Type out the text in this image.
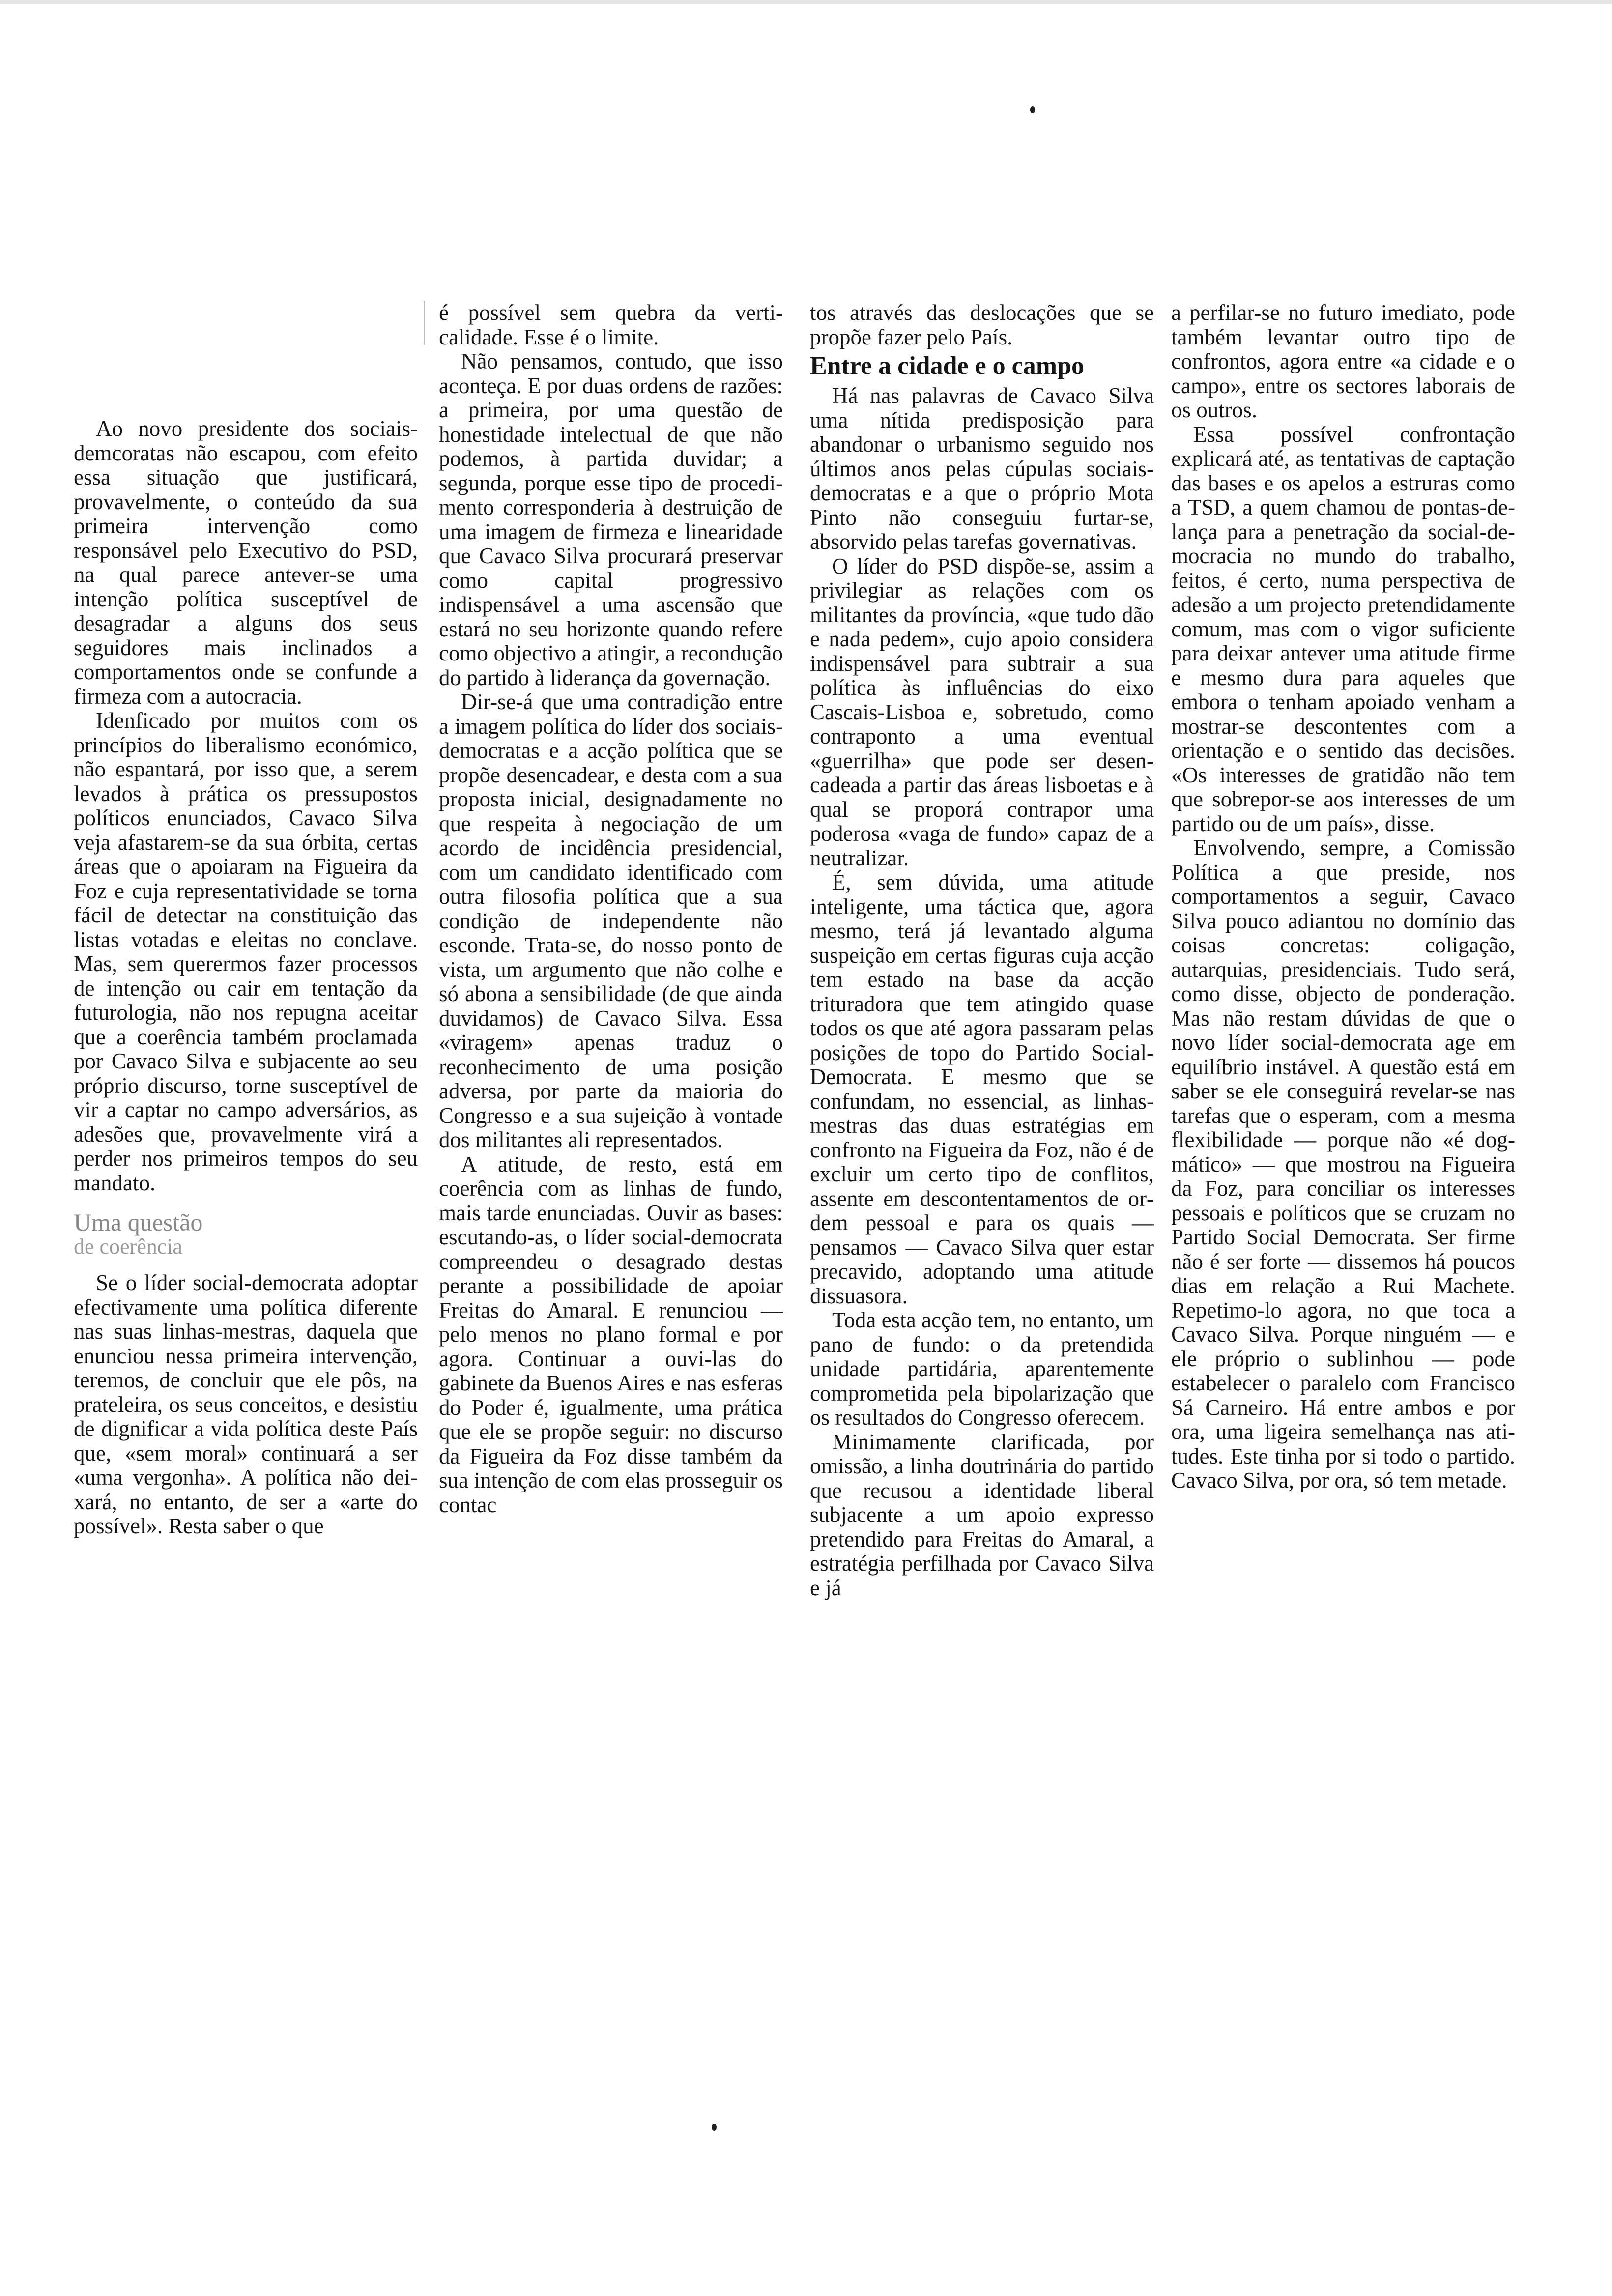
Ao novo presidente dos sociais-demcoratas não escapou, com efeito essa situação que justificará, provavelmente, o conteúdo da sua primeira intervenção como responsável pelo Executivo do PSD, na qual parece antever-se uma intenção política susceptível de desagradar a alguns dos seus seguidores mais inclinados a comportamentos onde se confunde a firmeza com a autocracia.

Idenficado por muitos com os princípios do liberalismo económico, não espantará, por isso que, a serem levados à prática os pressupostos políticos enunciados, Cavaco Silva veja afastarem-se da sua órbita, certas áreas que o apoiaram na Figueira da Foz e cuja representatividade se torna fácil de detectar na constituição das listas votadas e eleitas no conclave. Mas, sem querermos fazer processos de intenção ou cair em tentação da futurologia, não nos repugna aceitar que a coerência também proclamada por Cavaco Silva e subjacente ao seu próprio discurso, torne susceptível de vir a captar no campo adversários, as adesões que, provavelmente virá a perder nos primeiros tempos do seu mandato.

Uma questão
de coerência

Se o líder social-democrata adoptar efectivamente uma política diferente nas suas linhas-mestras, daquela que enunciou nessa primeira intervenção, teremos, de concluir que ele pôs, na prateleira, os seus conceitos, e desistiu de dignificar a vida política deste País que, «sem moral» continuará a ser «uma vergonha». A política não deixará, no entanto, de ser a «arte do possível». Resta saber o que

é possível sem quebra da verticalidade. Esse é o limite.

Não pensamos, contudo, que isso aconteça. E por duas ordens de razões: a primeira, por uma questão de honestidade intelectual de que não podemos, à partida duvidar; a segunda, porque esse tipo de procedimento corresponderia à destruição de uma imagem de firmeza e linearidade que Cavaco Silva procurará preservar como capital progressivo indispensável a uma ascensão que estará no seu horizonte quando refere como objectivo a atingir, a recondução do partido à liderança da governação.

Dir-se-á que uma contradição entre a imagem política do líder dos sociais-democratas e a acção política que se propõe desencadear, e desta com a sua proposta inicial, designadamente no que respeita à negociação de um acordo de incidência presidencial, com um candidato identificado com outra filosofia política que a sua condição de independente não esconde. Trata-se, do nosso ponto de vista, um argumento que não colhe e só abona a sensibilidade (de que ainda duvidamos) de Cavaco Silva. Essa «viragem» apenas traduz o reconhecimento de uma posição adversa, por parte da maioria do Congresso e a sua sujeição à vontade dos militantes ali representados.

A atitude, de resto, está em coerência com as linhas de fundo, mais tarde enunciadas. Ouvir as bases: escutando-as, o líder social-democrata compreendeu o desagrado destas perante a possibilidade de apoiar Freitas do Amaral. E renunciou — pelo menos no plano formal e por agora. Continuar a ouvi-las do gabinete da Buenos Aires e nas esferas do Poder é, igualmente, uma prática que ele se propõe seguir: no discurso da Figueira da Foz disse também da sua intenção de com elas prosseguir os contac

tos através das deslocações que se propõe fazer pelo País.

Entre a cidade e o campo

Há nas palavras de Cavaco Silva uma nítida predisposição para abandonar o urbanismo seguido nos últimos anos pelas cúpulas sociais-democratas e a que o próprio Mota Pinto não conseguiu furtar-se, absorvido pelas tarefas governativas.

O líder do PSD dispõe-se, assim a privilegiar as relações com os militantes da província, «que tudo dão e nada pedem», cujo apoio considera indispensável para subtrair a sua política às influências do eixo Cascais-Lisboa e, sobretudo, como contraponto a uma eventual «guerrilha» que pode ser desencadeada a partir das áreas lisboetas e à qual se proporá contrapor uma poderosa «vaga de fundo» capaz de a neutralizar.

É, sem dúvida, uma atitude inteligente, uma táctica que, agora mesmo, terá já levantado alguma suspeição em certas figuras cuja acção tem estado na base da acção trituradora que tem atingido quase todos os que até agora passaram pelas posições de topo do Partido Social-Democrata. E mesmo que se confundam, no essencial, as linhas-mestras das duas estratégias em confronto na Figueira da Foz, não é de excluir um certo tipo de conflitos, assente em descontentamentos de ordem pessoal e para os quais — pensamos — Cavaco Silva quer estar precavido, adoptando uma atitude dissuasora.

Toda esta acção tem, no entanto, um pano de fundo: o da pretendida unidade partidária, aparentemente comprometida pela bipolarização que os resultados do Congresso oferecem.

Minimamente clarificada, por omissão, a linha doutrinária do partido que recusou a identidade liberal subjacente a um apoio expresso pretendido para Freitas do Amaral, a estratégia perfilhada por Cavaco Silva e já

a perfilar-se no futuro imediato, pode também levantar outro tipo de confrontos, agora entre «a cidade e o campo», entre os sectores laborais de os outros.

Essa possível confrontação explicará até, as tentativas de captação das bases e os apelos a estruras como a TSD, a quem chamou de pontas-de-lança para a penetração da social-democracia no mundo do trabalho, feitos, é certo, numa perspectiva de adesão a um projecto pretendidamente comum, mas com o vigor suficiente para deixar antever uma atitude firme e mesmo dura para aqueles que embora o tenham apoiado venham a mostrar-se descontentes com a orientação e o sentido das decisões. «Os interesses de gratidão não tem que sobrepor-se aos interesses de um partido ou de um país», disse.

Envolvendo, sempre, a Comissão Política a que preside, nos comportamentos a seguir, Cavaco Silva pouco adiantou no domínio das coisas concretas: coligação, autarquias, presidenciais. Tudo será, como disse, objecto de ponderação. Mas não restam dúvidas de que o novo líder social-democrata age em equilíbrio instável. A questão está em saber se ele conseguirá revelar-se nas tarefas que o esperam, com a mesma flexibilidade — porque não «é dogmático» — que mostrou na Figueira da Foz, para conciliar os interesses pessoais e políticos que se cruzam no Partido Social Democrata. Ser firme não é ser forte — dissemos há poucos dias em relação a Rui Machete. Repetimo-lo agora, no que toca a Cavaco Silva. Porque ninguém — e ele próprio o sublinhou — pode estabelecer o paralelo com Francisco Sá Carneiro. Há entre ambos e por ora, uma ligeira semelhança nas atitudes. Este tinha por si todo o partido. Cavaco Silva, por ora, só tem metade.
